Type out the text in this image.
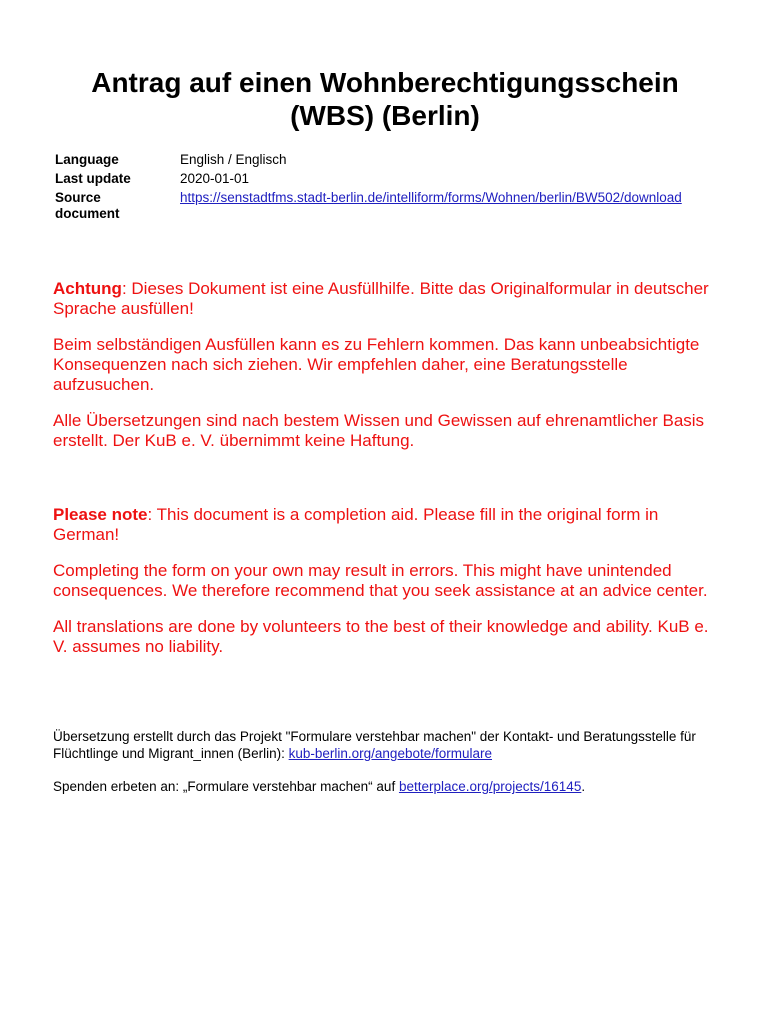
Antrag auf einen Wohnberechtigungsschein
(WBS) (Berlin)
Language	English / Englisch
Last update	2020-01-01
Source
document
https://senstadtfms.stadt-berlin.de/intelliform/forms/Wohnen/berlin/BW502/download

Achtung: Dieses Dokument ist eine Ausfüllhilfe. Bitte das Originalformular in deutscher Sprache ausfüllen!

Beim selbständigen Ausfüllen kann es zu Fehlern kommen. Das kann unbeabsichtigte Konsequenzen nach sich ziehen. Wir empfehlen daher, eine Beratungsstelle aufzusuchen.

Alle Übersetzungen sind nach bestem Wissen und Gewissen auf ehrenamtlicher Basis erstellt. Der KuB e. V. übernimmt keine Haftung.

Please note: This document is a completion aid. Please fill in the original form in German!

Completing the form on your own may result in errors. This might have unintended consequences. We therefore recommend that you seek assistance at an advice center.

All translations are done by volunteers to the best of their knowledge and ability. KuB e. V. assumes no liability.

Übersetzung erstellt durch das Projekt "Formulare verstehbar machen" der Kontakt- und Beratungsstelle für Flüchtlinge und Migrant_innen (Berlin): kub-berlin.org/angebote/formulare

Spenden erbeten an: „Formulare verstehbar machen“ auf betterplace.org/projects/16145.
